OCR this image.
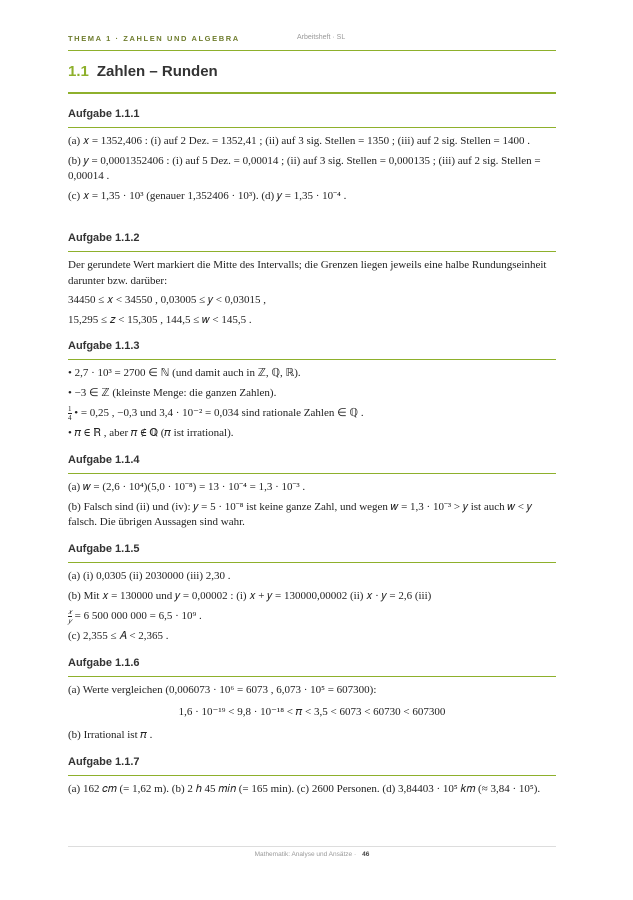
THEMA 1 · ZAHLEN UND ALGEBRA	Arbeitsheft · SL
1.1 Zahlen – Runden
Aufgabe 1.1.1

(a) 𝑥 = 1352,406 : (i) auf 2 Dez. = 1352,41 ; (ii) auf 3 sig. Stellen = 1350 ; (iii) auf 2 sig. Stellen = 1400 .

(b) 𝑦 = 0,0001352406 : (i) auf 5 Dez. = 0,00014 ; (ii) auf 3 sig. Stellen = 0,000135 ; (iii) auf 2 sig. Stellen = 0,00014 .

(c) 𝑥 = 1,35 · 10³ (genauer 1,352406 · 10³). (d) 𝑦 = 1,35 · 10⁻⁴ .

Aufgabe 1.1.2

Der gerundete Wert markiert die Mitte des Intervalls; die Grenzen liegen jeweils eine halbe Rundungseinheit darunter bzw. darüber:

34450 ≤ 𝑥 < 34550 , 0,03005 ≤ 𝑦 < 0,03015 ,

15,295 ≤ 𝑧 < 15,305 , 144,5 ≤ 𝑤 < 145,5 .

Aufgabe 1.1.3

• 2,7 · 10³ = 2700 ∈ ℕ (und damit auch in ℤ, ℚ, ℝ).

• −3 ∈ ℤ (kleinste Menge: die ganzen Zahlen).

$\frac{1}{4}$ • = 0,25 , −0,3 und 3,4 · 10⁻² = 0,034 sind rationale Zahlen ∈ ℚ .

• 𝜋 ∈ ℝ , aber 𝜋 ∉ ℚ (𝜋 ist irrational).

Aufgabe 1.1.4

(a) 𝑤 = (2,6 · 10⁴)(5,0 · 10⁻⁸) = 13 · 10⁻⁴ = 1,3 · 10⁻³ .

(b) Falsch sind (ii) und (iv): 𝑦 = 5 · 10⁻⁸ ist keine ganze Zahl, und wegen 𝑤 = 1,3 · 10⁻³ > 𝑦 ist auch 𝑤 < 𝑦 falsch. Die übrigen Aussagen sind wahr.

Aufgabe 1.1.5

(a) (i) 0,0305 (ii) 2030000 (iii) 2,30 .

(b) Mit 𝑥 = 130000 und 𝑦 = 0,00002 : (i) 𝑥 + 𝑦 = 130000,00002 (ii) 𝑥 · 𝑦 = 2,6 (iii)

$\frac{\text{𝑥}}{\text{𝑦}} = 6$ 500 000 000 = 6,5 · 10⁹ .

(c) 2,355 ≤ 𝐴 < 2,365 .

Aufgabe 1.1.6

(a) Werte vergleichen (0,006073 · 10⁶ = 6073 , 6,073 · 10⁵ = 607300):

1,6 · 10⁻¹⁹ < 9,8 · 10⁻¹⁸ < 𝜋 < 3,5 < 6073 < 60730 < 607300

(b) Irrational ist 𝜋 .

Aufgabe 1.1.7

(a) 162 𝑐𝑚 (= 1,62 m). (b) 2 ℎ 45 𝑚𝑖𝑛 (= 165 min). (c) 2600 Personen. (d) 3,84403 · 10⁵ 𝑘𝑚 (≈ 3,84 · 10⁵).

Mathematik: Analyse und Ansätze · 46
